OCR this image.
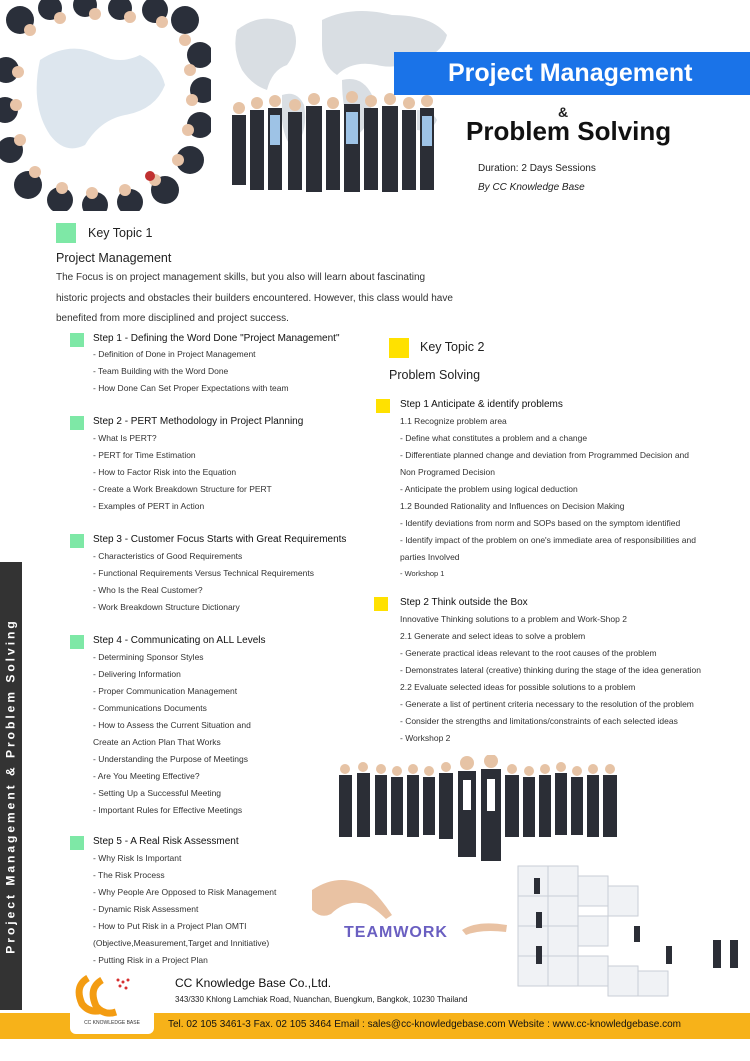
Project Management
&
Problem Solving
Duration: 2 Days Sessions
By CC Knowledge Base
Key Topic 1
Project Management
The Focus is on project management skills, but you also will learn about fascinating
historic projects and obstacles their builders encountered. However, this class would have
benefited from more disciplined and project success.
Step 1 - Defining the Word Done "Project Management"
- Definition of Done in Project Management
- Team Building with the Word Done
- How Done Can Set Proper Expectations with team
Step 2 - PERT Methodology in Project Planning
- What Is PERT?
- PERT for Time Estimation
- How to Factor Risk into the Equation
- Create a Work Breakdown Structure for PERT
- Examples of PERT in Action
Step 3 - Customer Focus Starts with Great Requirements
- Characteristics of Good Requirements
- Functional Requirements Versus Technical Requirements
- Who Is the Real Customer?
- Work Breakdown Structure Dictionary
Step 4 - Communicating on ALL Levels
- Determining Sponsor Styles
- Delivering Information
- Proper Communication Management
- Communications Documents
- How to Assess the Current Situation and
Create an Action Plan That Works
- Understanding the Purpose of Meetings
- Are You Meeting Effective?
- Setting Up a Successful Meeting
- Important Rules for Effective Meetings
Step 5 - A Real Risk Assessment
- Why Risk Is Important
- The Risk Process
- Why People Are Opposed to Risk Management
- Dynamic Risk Assessment
- How to Put Risk in a Project Plan OMTI
(Objective,Measurement,Target and Innitiative)
- Putting Risk in a Project Plan
Key Topic 2
Problem Solving
Step 1 Anticipate & identify problems
1.1 Recognize problem area
- Define what constitutes a problem and a change
- Differentiate planned change and deviation from Programmed Decision and
Non Programed Decision
- Anticipate the problem using logical deduction
1.2 Bounded Rationality and Influences on Decision Making
- Identify deviations from norm and SOPs based on the symptom identified
- Identify impact of the problem on one's immediate area of responsibilities and
parties Involved
- Workshop 1
Step 2 Think outside the Box
Innovative Thinking solutions to a problem and Work-Shop 2
2.1 Generate and select ideas to solve a problem
- Generate practical ideas relevant to the root causes of the problem
- Demonstrates lateral (creative) thinking during the stage of the idea generation
2.2 Evaluate selected ideas for possible solutions to a problem
- Generate a list of pertinent criteria necessary to the resolution of the problem
- Consider the strengths and limitations/constraints of each selected ideas
- Workshop 2
TEAMWORK
Project Management & Problem Solving
CC KNOWLEDGE BASE
CC Knowledge Base Co.,Ltd.
343/330 Khlong Lamchiak Road, Nuanchan, Buengkum, Bangkok, 10230 Thailand
Tel. 02 105 3461-3 Fax. 02 105 3464 Email : sales@cc-knowledgebase.com Website : www.cc-knowledgebase.com
